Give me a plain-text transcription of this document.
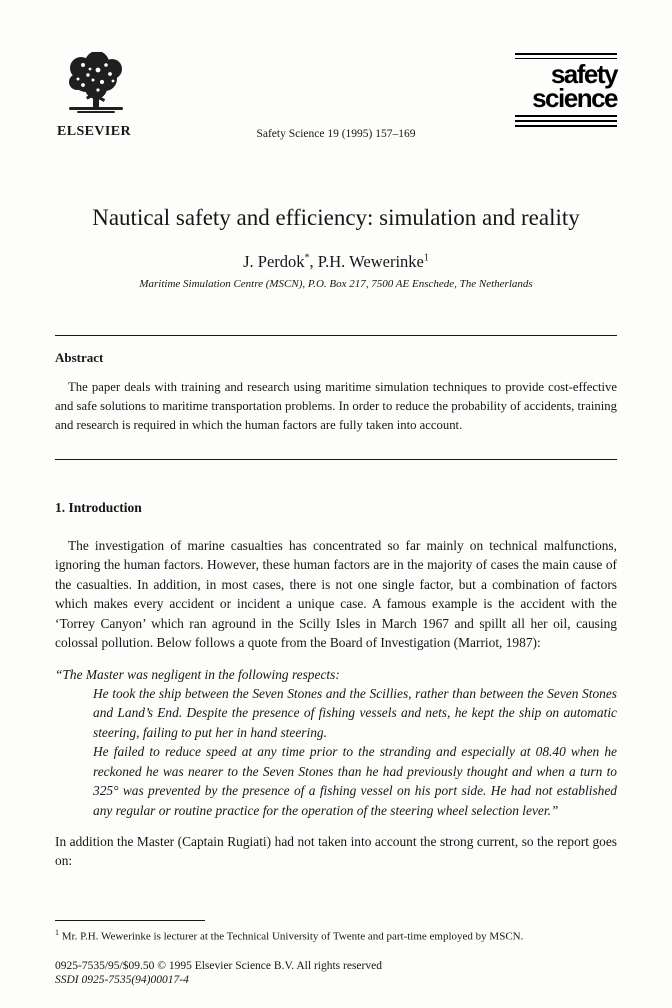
ELSEVIER	Safety Science 19 (1995) 157–169
safety
science
Nautical safety and efficiency: simulation and reality
J. Perdok*, P.H. Wewerinke$^1$
Maritime Simulation Centre (MSCN), P.O. Box 217, 7500 AE Enschede, The Netherlands
Abstract

The paper deals with training and research using maritime simulation techniques to provide cost-effective and safe solutions to maritime transportation problems. In order to reduce the probability of accidents, training and research is required in which the human factors are fully taken into account.

1. Introduction

The investigation of marine casualties has concentrated so far mainly on technical malfunctions, ignoring the human factors. However, these human factors are in the majority of cases the main cause of the casualties. In addition, in most cases, there is not one single factor, but a combination of factors which makes every accident or incident a unique case. A famous example is the accident with the ‘Torrey Canyon’ which ran aground in the Scilly Isles in March 1967 and spillt all her oil, causing colossal pollution. Below follows a quote from the Board of Investigation (Marriot, 1987):

“The Master was negligent in the following respects:

He took the ship between the Seven Stones and the Scillies, rather than between the Seven Stones and Land’s End. Despite the presence of fishing vessels and nets, he kept the ship on automatic steering, failing to put her in hand steering.

He failed to reduce speed at any time prior to the stranding and especially at 08.40 when he reckoned he was nearer to the Seven Stones than he had previously thought and when a turn to 325° was prevented by the presence of a fishing vessel on his port side. He had not established any regular or routine practice for the operation of the steering wheel selection lever.”

In addition the Master (Captain Rugiati) had not taken into account the strong current, so the report goes on:

$^1$ Mr. P.H. Wewerinke is lecturer at the Technical University of Twente and part-time employed by MSCN.

0925-7535/95/$09.50 © 1995 Elsevier Science B.V. All rights reserved

SSDI 0925-7535(94)00017-4
